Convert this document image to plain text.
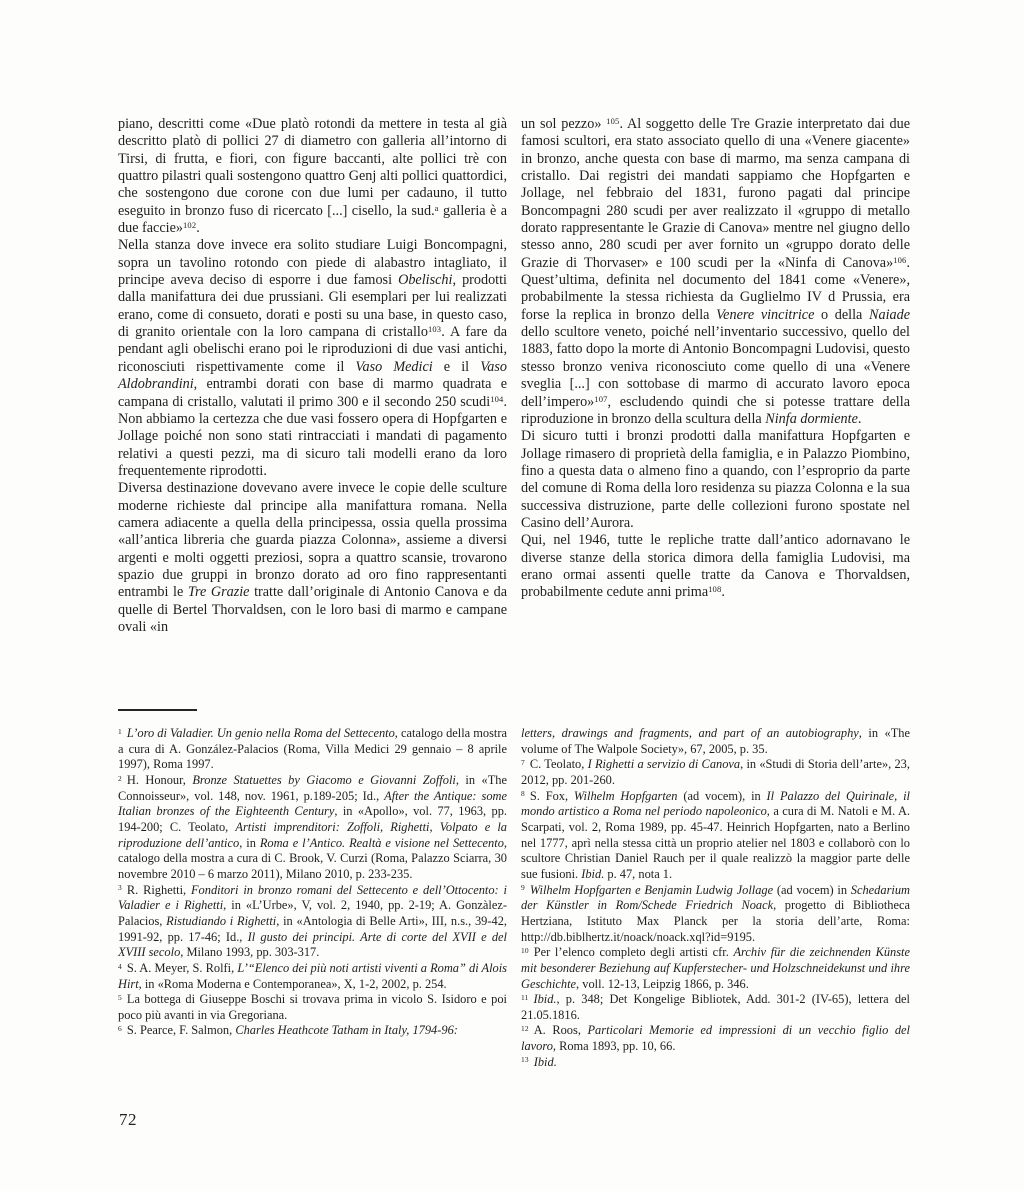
piano, descritti come «Due platò rotondi da mettere in testa al già descritto platò di pollici 27 di diametro con galleria all’intorno di Tirsi, di frutta, e fiori, con figure baccanti, alte pollici trè con quattro pilastri quali sostengono quattro Genj alti pollici quattordici, che sostengono due corone con due lumi per cadauno, il tutto eseguito in bronzo fuso di ricercato [...] cisello, la sud.$^a$ galleria è a due faccie»$^{102}$.

Nella stanza dove invece era solito studiare Luigi Boncompagni, sopra un tavolino rotondo con piede di alabastro intagliato, il principe aveva deciso di esporre i due famosi Obelischi, prodotti dalla manifattura dei due prussiani. Gli esemplari per lui realizzati erano, come di consueto, dorati e posti su una base, in questo caso, di granito orientale con la loro campana di cristallo$^{103}$. A fare da pendant agli obelischi erano poi le riproduzioni di due vasi antichi, riconosciuti rispettivamente come il Vaso Medici e il Vaso Aldobrandini, entrambi dorati con base di marmo quadrata e campana di cristallo, valutati il primo 300 e il secondo 250 scudi$^{104}$. Non abbiamo la certezza che due vasi fossero opera di Hopfgarten e Jollage poiché non sono stati rintracciati i mandati di pagamento relativi a questi pezzi, ma di sicuro tali modelli erano da loro frequentemente riprodotti.

Diversa destinazione dovevano avere invece le copie delle sculture moderne richieste dal principe alla manifattura romana. Nella camera adiacente a quella della principessa, ossia quella prossima «all’antica libreria che guarda piazza Colonna», assieme a diversi argenti e molti oggetti preziosi, sopra a quattro scansie, trovarono spazio due gruppi in bronzo dorato ad oro fino rappresentanti entrambi le Tre Grazie tratte dall’originale di Antonio Canova e da quelle di Bertel Thorvaldsen, con le loro basi di marmo e campane ovali «in

un sol pezzo» $^{105}$. Al soggetto delle Tre Grazie interpretato dai due famosi scultori, era stato associato quello di una «Venere giacente» in bronzo, anche questa con base di marmo, ma senza campana di cristallo. Dai registri dei mandati sappiamo che Hopfgarten e Jollage, nel febbraio del 1831, furono pagati dal principe Boncompagni 280 scudi per aver realizzato il «gruppo di metallo dorato rappresentante le Grazie di Canova» mentre nel giugno dello stesso anno, 280 scudi per aver fornito un «gruppo dorato delle Grazie di Thorvaser» e 100 scudi per la «Ninfa di Canova»$^{106}$. Quest’ultima, definita nel documento del 1841 come «Venere», probabilmente la stessa richiesta da Guglielmo IV d Prussia, era forse la replica in bronzo della Venere vincitrice o della Naiade dello scultore veneto, poiché nell’inventario successivo, quello del 1883, fatto dopo la morte di Antonio Boncompagni Ludovisi, questo stesso bronzo veniva riconosciuto come quello di una «Venere sveglia [...] con sottobase di marmo di accurato lavoro epoca dell’impero»$^{107}$, escludendo quindi che si potesse trattare della riproduzione in bronzo della scultura della Ninfa dormiente.

Di sicuro tutti i bronzi prodotti dalla manifattura Hopfgarten e Jollage rimasero di proprietà della famiglia, e in Palazzo Piombino, fino a questa data o almeno fino a quando, con l’esproprio da parte del comune di Roma della loro residenza su piazza Colonna e la sua successiva distruzione, parte delle collezioni furono spostate nel Casino dell’Aurora.

Qui, nel 1946, tutte le repliche tratte dall’antico adornavano le diverse stanze della storica dimora della famiglia Ludovisi, ma erano ormai assenti quelle tratte da Canova e Thorvaldsen, probabilmente cedute anni prima$^{108}$.

$^1$ L’oro di Valadier. Un genio nella Roma del Settecento, catalogo della mostra a cura di A. González-Palacios (Roma, Villa Medici 29 gennaio – 8 aprile 1997), Roma 1997.

$^2$ H. Honour, Bronze Statuettes by Giacomo e Giovanni Zoffoli, in «The Connoisseur», vol. 148, nov. 1961, p.189-205; Id., After the Antique: some Italian bronzes of the Eighteenth Century, in «Apollo», vol. 77, 1963, pp. 194-200; C. Teolato, Artisti imprenditori: Zoffoli, Righetti, Volpato e la riproduzione dell’antico, in Roma e l’Antico. Realtà e visione nel Settecento, catalogo della mostra a cura di C. Brook, V. Curzi (Roma, Palazzo Sciarra, 30 novembre 2010 – 6 marzo 2011), Milano 2010, p. 233-235.

$^3$ R. Righetti, Fonditori in bronzo romani del Settecento e dell’Ottocento: i Valadier e i Righetti, in «L’Urbe», V, vol. 2, 1940, pp. 2-19; A. Gonzàlez-Palacios, Ristudiando i Righetti, in «Antologia di Belle Arti», III, n.s., 39-42, 1991-92, pp. 17-46; Id., Il gusto dei principi. Arte di corte del XVII e del XVIII secolo, Milano 1993, pp. 303-317.

$^4$ S. A. Meyer, S. Rolfi, L’“Elenco dei più noti artisti viventi a Roma” di Alois Hirt, in «Roma Moderna e Contemporanea», X, 1-2, 2002, p. 254.

$^5$ La bottega di Giuseppe Boschi si trovava prima in vicolo S. Isidoro e poi poco più avanti in via Gregoriana.

$^6$ S. Pearce, F. Salmon, Charles Heathcote Tatham in Italy, 1794-96:

letters, drawings and fragments, and part of an autobiography, in «The volume of The Walpole Society», 67, 2005, p. 35.

$^7$ C. Teolato, I Righetti a servizio di Canova, in «Studi di Storia dell’arte», 23, 2012, pp. 201-260.

$^8$ S. Fox, Wilhelm Hopfgarten (ad vocem), in Il Palazzo del Quirinale, il mondo artistico a Roma nel periodo napoleonico, a cura di M. Natoli e M. A. Scarpati, vol. 2, Roma 1989, pp. 45-47. Heinrich Hopfgarten, nato a Berlino nel 1777, aprì nella stessa città un proprio atelier nel 1803 e collaborò con lo scultore Christian Daniel Rauch per il quale realizzò la maggior parte delle sue fusioni. Ibid. p. 47, nota 1.

$^9$ Wilhelm Hopfgarten e Benjamin Ludwig Jollage (ad vocem) in Schedarium der Künstler in Rom/Schede Friedrich Noack, progetto di Bibliotheca Hertziana, Istituto Max Planck per la storia dell’arte, Roma: http://db.biblhertz.it/noack/noack.xql?id=9195.

$^{10}$ Per l’elenco completo degli artisti cfr. Archiv für die zeichnenden Künste mit besonderer Beziehung auf Kupferstecher- und Holzschneidekunst und ihre Geschichte, voll. 12-13, Leipzig 1866, p. 346.

$^{11}$ Ibid., p. 348; Det Kongelige Bibliotek, Add. 301-2 (IV-65), lettera del 21.05.1816.

$^{12}$ A. Roos, Particolari Memorie ed impressioni di un vecchio figlio del lavoro, Roma 1893, pp. 10, 66.

$^{13}$ Ibid.

72
